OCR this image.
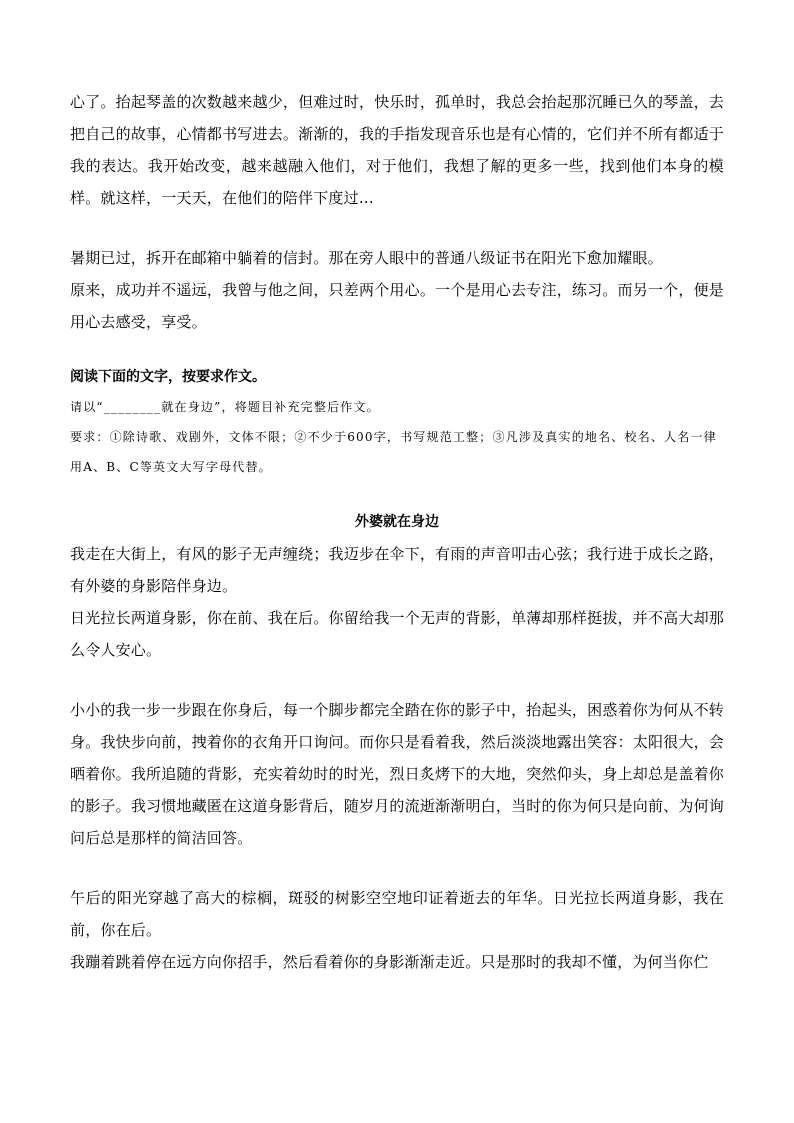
心了。抬起琴盖的次数越来越少，但难过时，快乐时，孤单时，我总会抬起那沉睡已久的琴盖，去把自己的故事，心情都书写进去。渐渐的，我的手指发现音乐也是有心情的，它们并不所有都适于我的表达。我开始改变，越来越融入他们，对于他们，我想了解的更多一些，找到他们本身的模样。就这样，一天天，在他们的陪伴下度过…

暑期已过，拆开在邮箱中躺着的信封。那在旁人眼中的普通八级证书在阳光下愈加耀眼。

原来，成功并不遥远，我曾与他之间，只差两个用心。一个是用心去专注，练习。而另一个，便是用心去感受，享受。

阅读下面的文字，按要求作文。

请以“________就在身边”，将题目补充完整后作文。

要求：①除诗歌、戏剧外，文体不限；②不少于600字，书写规范工整；③凡涉及真实的地名、校名、人名一律用A、B、C等英文大写字母代替。

外婆就在身边

我走在大街上，有风的影子无声缠绕；我迈步在伞下，有雨的声音叩击心弦；我行进于成长之路，有外婆的身影陪伴身边。

日光拉长两道身影，你在前、我在后。你留给我一个无声的背影，单薄却那样挺拔，并不高大却那么令人安心。

小小的我一步一步跟在你身后，每一个脚步都完全踏在你的影子中，抬起头，困惑着你为何从不转身。我快步向前，拽着你的衣角开口询问。而你只是看着我，然后淡淡地露出笑容：太阳很大，会晒着你。我所追随的背影，充实着幼时的时光，烈日炙烤下的大地，突然仰头，身上却总是盖着你的影子。我习惯地藏匿在这道身影背后，随岁月的流逝渐渐明白，当时的你为何只是向前、为何询问后总是那样的简洁回答。

午后的阳光穿越了高大的棕榈，斑驳的树影空空地印证着逝去的年华。日光拉长两道身影，我在前，你在后。

我蹦着跳着停在远方向你招手，然后看着你的身影渐渐走近。只是那时的我却不懂，为何当你伫
